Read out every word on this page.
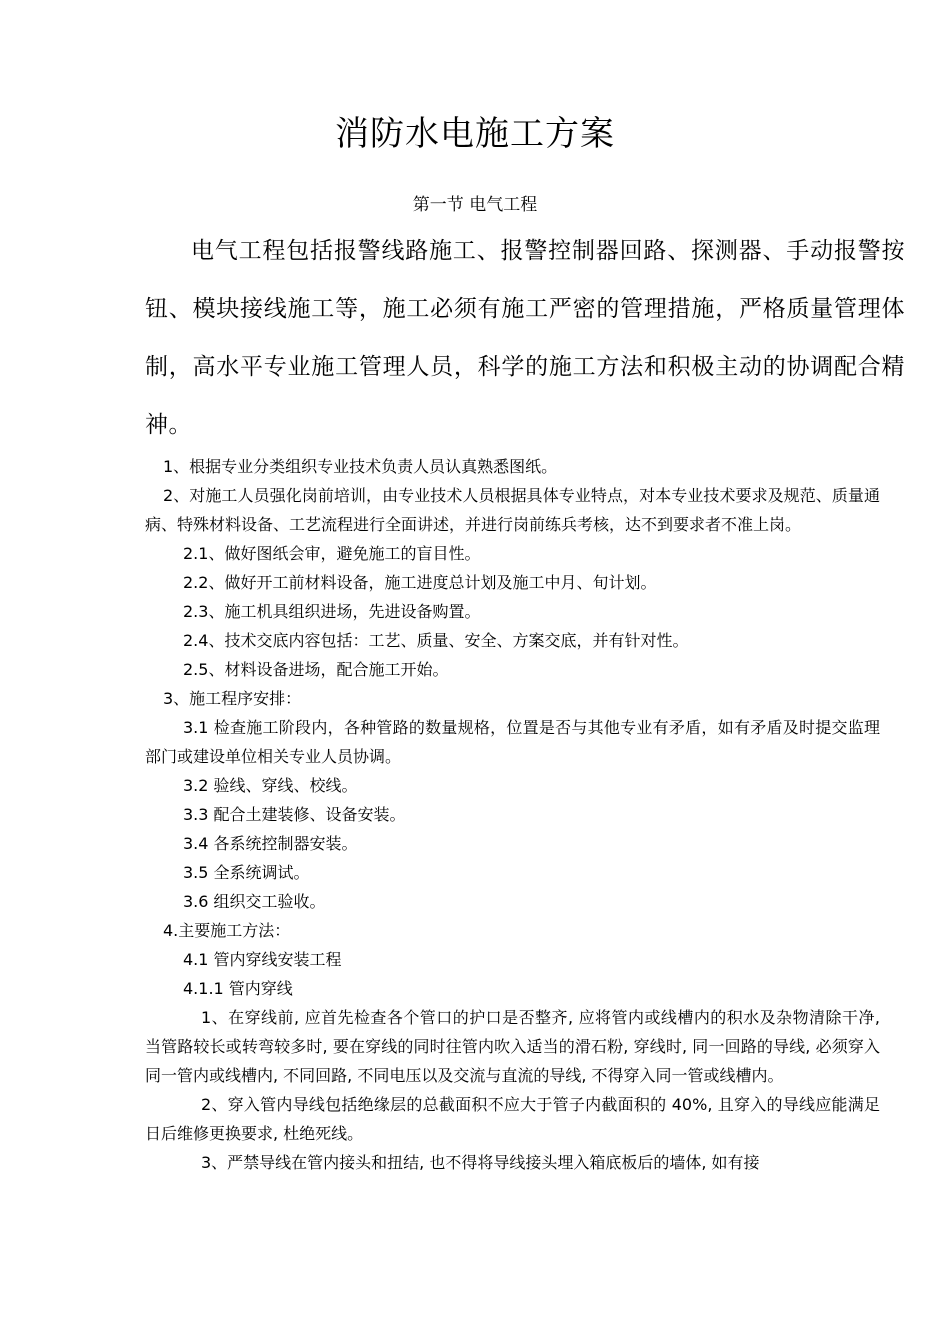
消防水电施工方案
第一节 电气工程

电气工程包括报警线路施工、报警控制器回路、探测器、手动报警按钮、模块接线施工等，施工必须有施工严密的管理措施，严格质量管理体制，高水平专业施工管理人员，科学的施工方法和积极主动的协调配合精神。

1、根据专业分类组织专业技术负责人员认真熟悉图纸。

2、对施工人员强化岗前培训，由专业技术人员根据具体专业特点，对本专业技术要求及规范、质量通病、特殊材料设备、工艺流程进行全面讲述，并进行岗前练兵考核，达不到要求者不准上岗。

2.1、做好图纸会审，避免施工的盲目性。

2.2、做好开工前材料设备，施工进度总计划及施工中月、旬计划。

2.3、施工机具组织进场，先进设备购置。

2.4、技术交底内容包括：工艺、质量、安全、方案交底，并有针对性。

2.5、材料设备进场，配合施工开始。

3、施工程序安排：

3.1 检查施工阶段内，各种管路的数量规格，位置是否与其他专业有矛盾，如有矛盾及时提交监理部门或建设单位相关专业人员协调。

3.2 验线、穿线、校线。

3.3 配合土建装修、设备安装。

3.4 各系统控制器安装。

3.5 全系统调试。

3.6 组织交工验收。

4.主要施工方法：

4.1 管内穿线安装工程

4.1.1 管内穿线

1、在穿线前, 应首先检查各个管口的护口是否整齐, 应将管内或线槽内的积水及杂物清除干净, 当管路较长或转弯较多时, 要在穿线的同时往管内吹入适当的滑石粉, 穿线时, 同一回路的导线, 必须穿入同一管内或线槽内, 不同回路, 不同电压以及交流与直流的导线, 不得穿入同一管或线槽内。

2、穿入管内导线包括绝缘层的总截面积不应大于管子内截面积的 40%, 且穿入的导线应能满足日后维修更换要求, 杜绝死线。

3、严禁导线在管内接头和扭结, 也不得将导线接头埋入箱底板后的墙体, 如有接
